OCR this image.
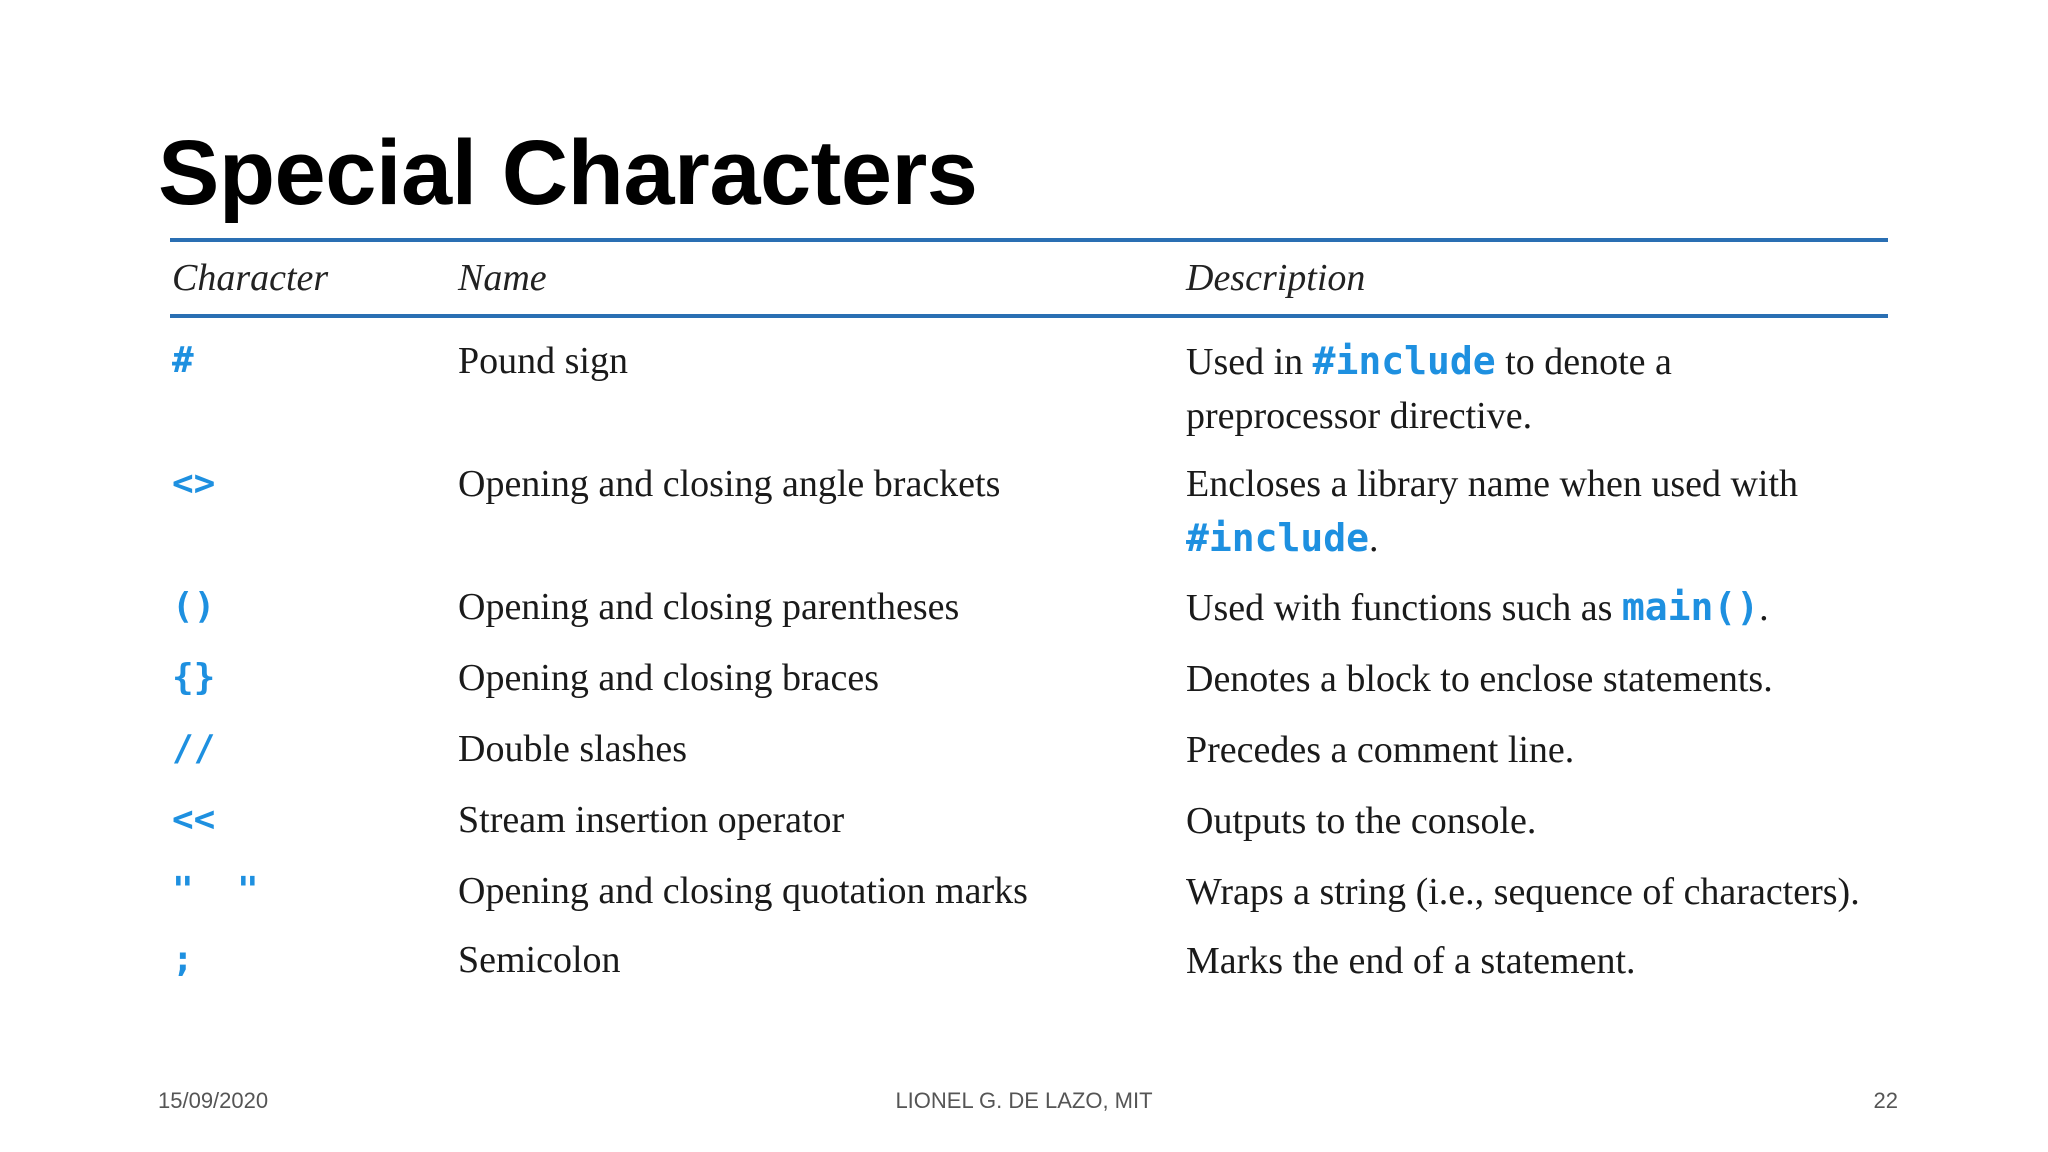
Special Characters
Character	Name	Description
#	Pound sign	Used in #include to denote a preprocessor directive.
<>	Opening and closing angle brackets	Encloses a library name when used with #include.
()	Opening and closing parentheses	Used with functions such as main().
{}	Opening and closing braces	Denotes a block to enclose statements.
//	Double slashes	Precedes a comment line.
<<	Stream insertion operator	Outputs to the console.
"  "	Opening and closing quotation marks	Wraps a string (i.e., sequence of characters).
;	Semicolon	Marks the end of a statement.
15/09/2020	LIONEL G. DE LAZO, MIT	22
